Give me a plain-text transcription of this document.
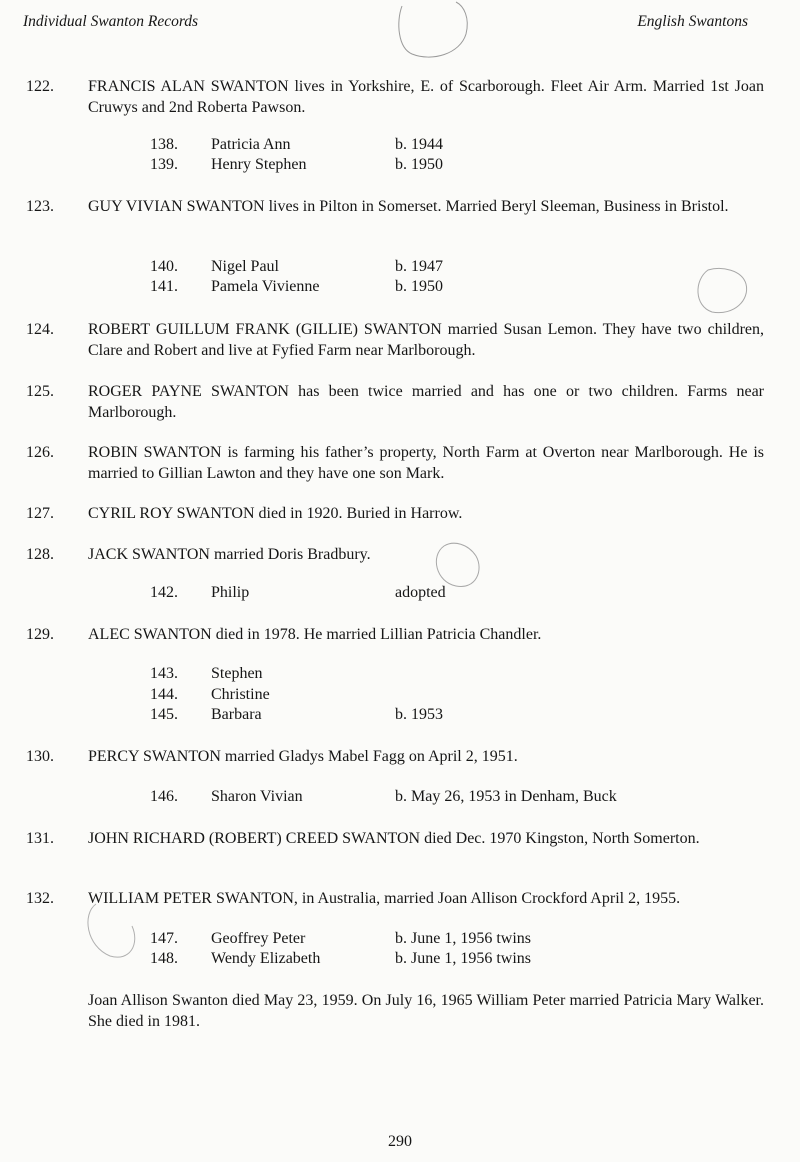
Individual Swanton Records	English Swantons
122.	FRANCIS ALAN SWANTON lives in Yorkshire, E. of Scarborough. Fleet Air Arm. Married 1st Joan Cruwys and 2nd Roberta Pawson.
138. Patricia Ann	b. 1944
139. Henry Stephen	b. 1950
123.	GUY VIVIAN SWANTON lives in Pilton in Somerset. Married Beryl Sleeman, Business in Bristol.
140. Nigel Paul	b. 1947
141. Pamela Vivienne	b. 1950
124.	ROBERT GUILLUM FRANK (GILLIE) SWANTON married Susan Lemon. They have two children, Clare and Robert and live at Fyfied Farm near Marlborough.
125.	ROGER PAYNE SWANTON has been twice married and has one or two children. Farms near Marlborough.
126.	ROBIN SWANTON is farming his father’s property, North Farm at Overton near Marlborough. He is married to Gillian Lawton and they have one son Mark.
127.	CYRIL ROY SWANTON died in 1920. Buried in Harrow.
128.	JACK SWANTON married Doris Bradbury.
142. Philip	adopted
129.	ALEC SWANTON died in 1978. He married Lillian Patricia Chandler.
143. Stephen
144. Christine
145. Barbara	b. 1953
130.	PERCY SWANTON married Gladys Mabel Fagg on April 2, 1951.
146. Sharon Vivian	b. May 26, 1953 in Denham, Buck
131.	JOHN RICHARD (ROBERT) CREED SWANTON died Dec. 1970 Kingston, North Somerton.
132.	WILLIAM PETER SWANTON, in Australia, married Joan Allison Crockford April 2, 1955.
147. Geoffrey Peter	b. June 1, 1956 twins
148. Wendy Elizabeth	b. June 1, 1956 twins
Joan Allison Swanton died May 23, 1959. On July 16, 1965 William Peter married Patricia Mary Walker. She died in 1981.
290
